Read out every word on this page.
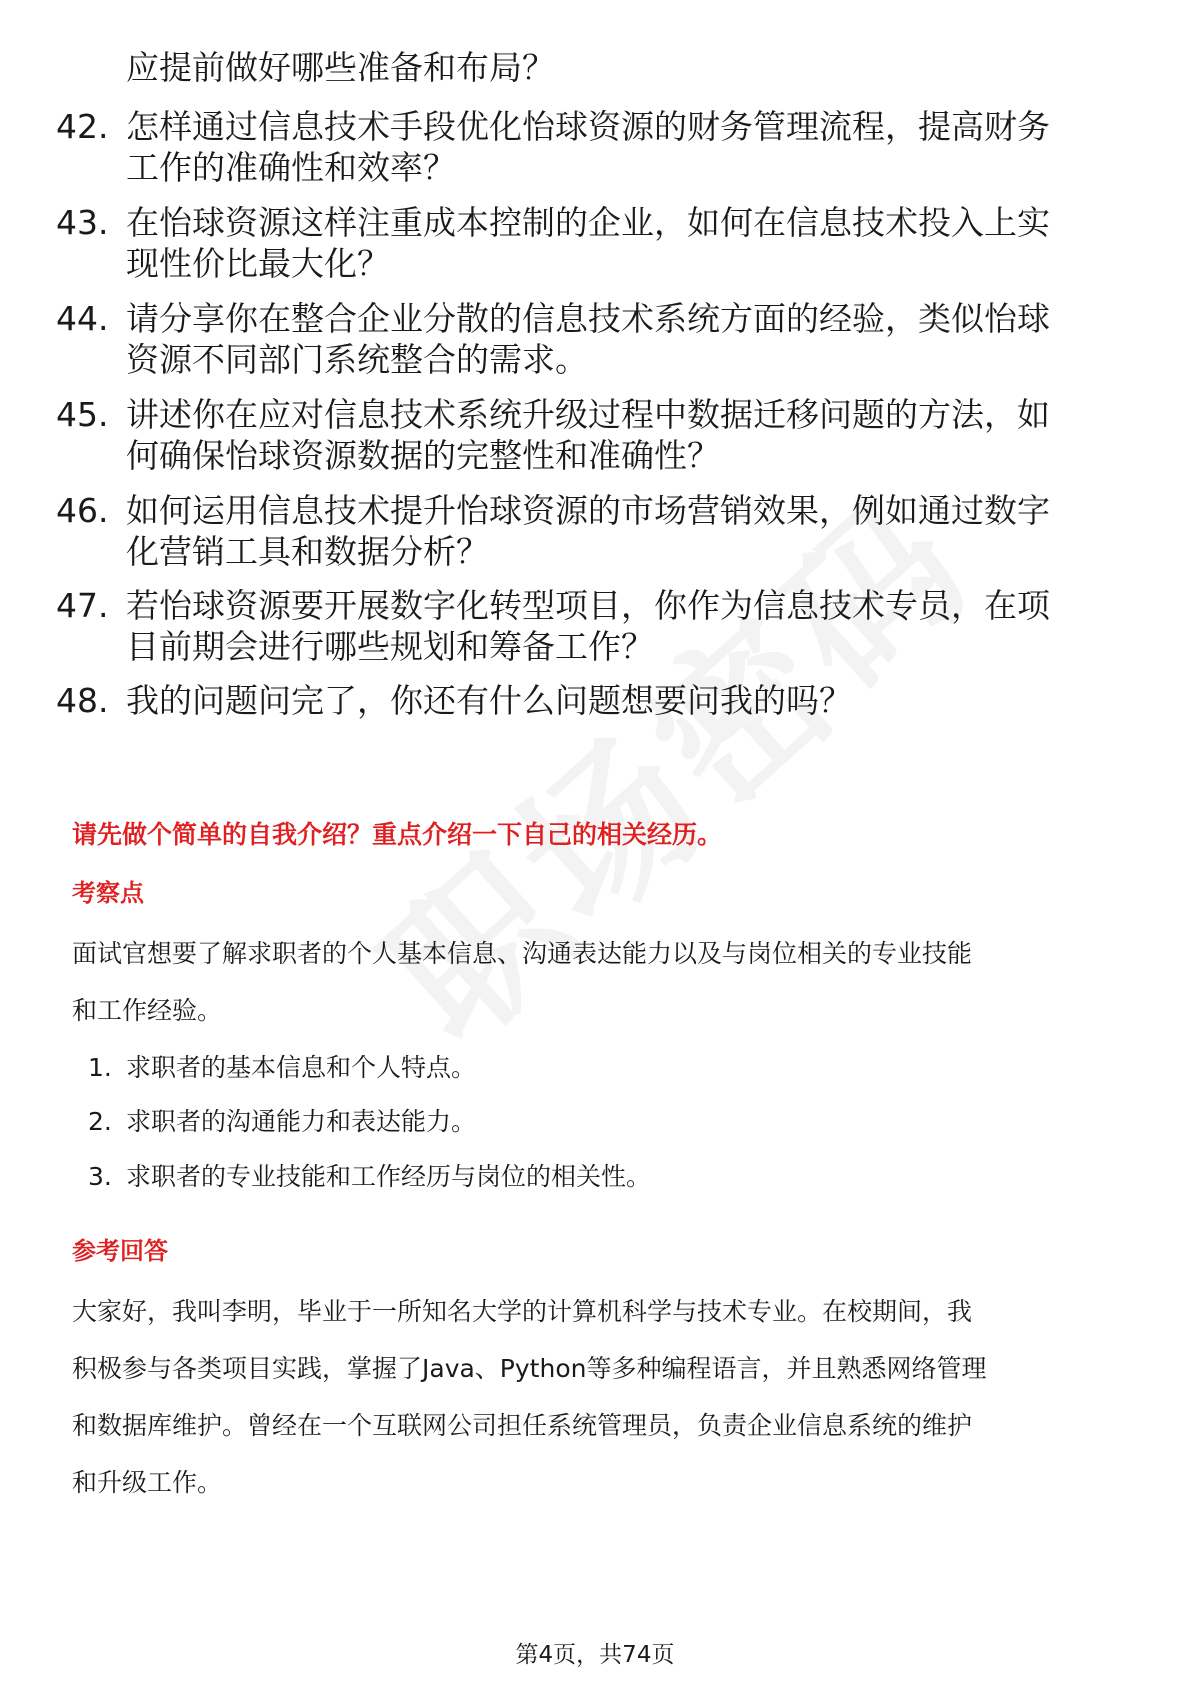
应提前做好哪些准备和布局？
42. 怎样通过信息技术手段优化怡球资源的财务管理流程，提高财务
工作的准确性和效率？
43. 在怡球资源这样注重成本控制的企业，如何在信息技术投入上实
现性价比最大化？
44. 请分享你在整合企业分散的信息技术系统方面的经验，类似怡球
资源不同部门系统整合的需求。
45. 讲述你在应对信息技术系统升级过程中数据迁移问题的方法，如
何确保怡球资源数据的完整性和准确性？
46. 如何运用信息技术提升怡球资源的市场营销效果，例如通过数字
化营销工具和数据分析？
47. 若怡球资源要开展数字化转型项目，你作为信息技术专员，在项
目前期会进行哪些规划和筹备工作？
48. 我的问题问完了，你还有什么问题想要问我的吗？
请先做个简单的自我介绍？重点介绍一下自己的相关经历。
考察点
面试官想要了解求职者的个人基本信息、沟通表达能力以及与岗位相关的专业技能
和工作经验。
1. 求职者的基本信息和个人特点。
2. 求职者的沟通能力和表达能力。
3. 求职者的专业技能和工作经历与岗位的相关性。
参考回答
大家好，我叫李明，毕业于一所知名大学的计算机科学与技术专业。在校期间，我
积极参与各类项目实践，掌握了Java、Python等多种编程语言，并且熟悉网络管理
和数据库维护。曾经在一个互联网公司担任系统管理员，负责企业信息系统的维护
和升级工作。
第4页，共74页
